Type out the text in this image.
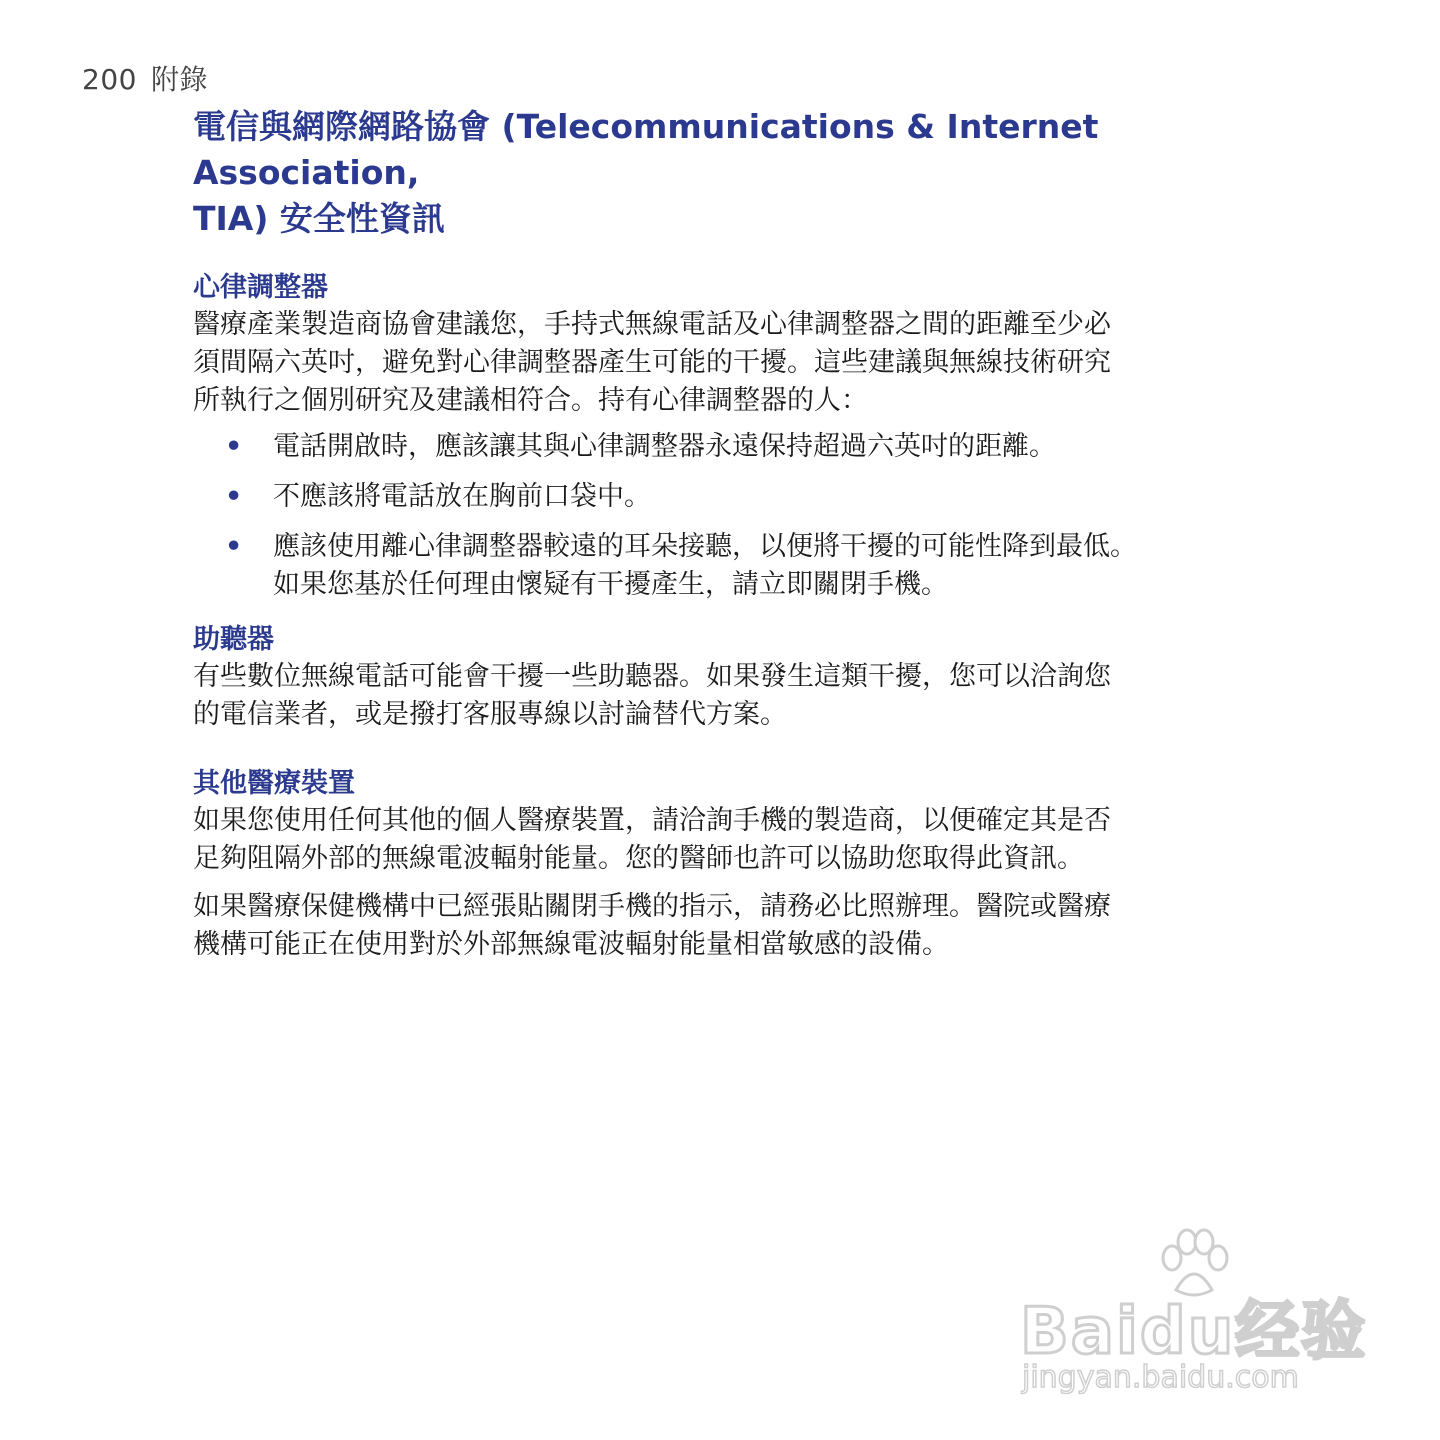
200 附錄
電信與網際網路協會 (Telecommunications & Internet Association,
TIA) 安全性資訊
心律調整器

醫療產業製造商協會建議您，手持式無線電話及心律調整器之間的距離至少必
須間隔六英吋，避免對心律調整器產生可能的干擾。這些建議與無線技術研究
所執行之個別研究及建議相符合。持有心律調整器的人：

• 電話開啟時，應該讓其與心律調整器永遠保持超過六英吋的距離。
• 不應該將電話放在胸前口袋中。
• 應該使用離心律調整器較遠的耳朵接聽，以便將干擾的可能性降到最低。
如果您基於任何理由懷疑有干擾產生，請立即關閉手機。
助聽器

有些數位無線電話可能會干擾一些助聽器。如果發生這類干擾，您可以洽詢您
的電信業者，或是撥打客服專線以討論替代方案。

其他醫療裝置

如果您使用任何其他的個人醫療裝置，請洽詢手機的製造商，以便確定其是否
足夠阻隔外部的無線電波輻射能量。您的醫師也許可以協助您取得此資訊。

如果醫療保健機構中已經張貼關閉手機的指示，請務必比照辦理。醫院或醫療
機構可能正在使用對於外部無線電波輻射能量相當敏感的設備。

Baidu经验
jingyan.baidu.com
